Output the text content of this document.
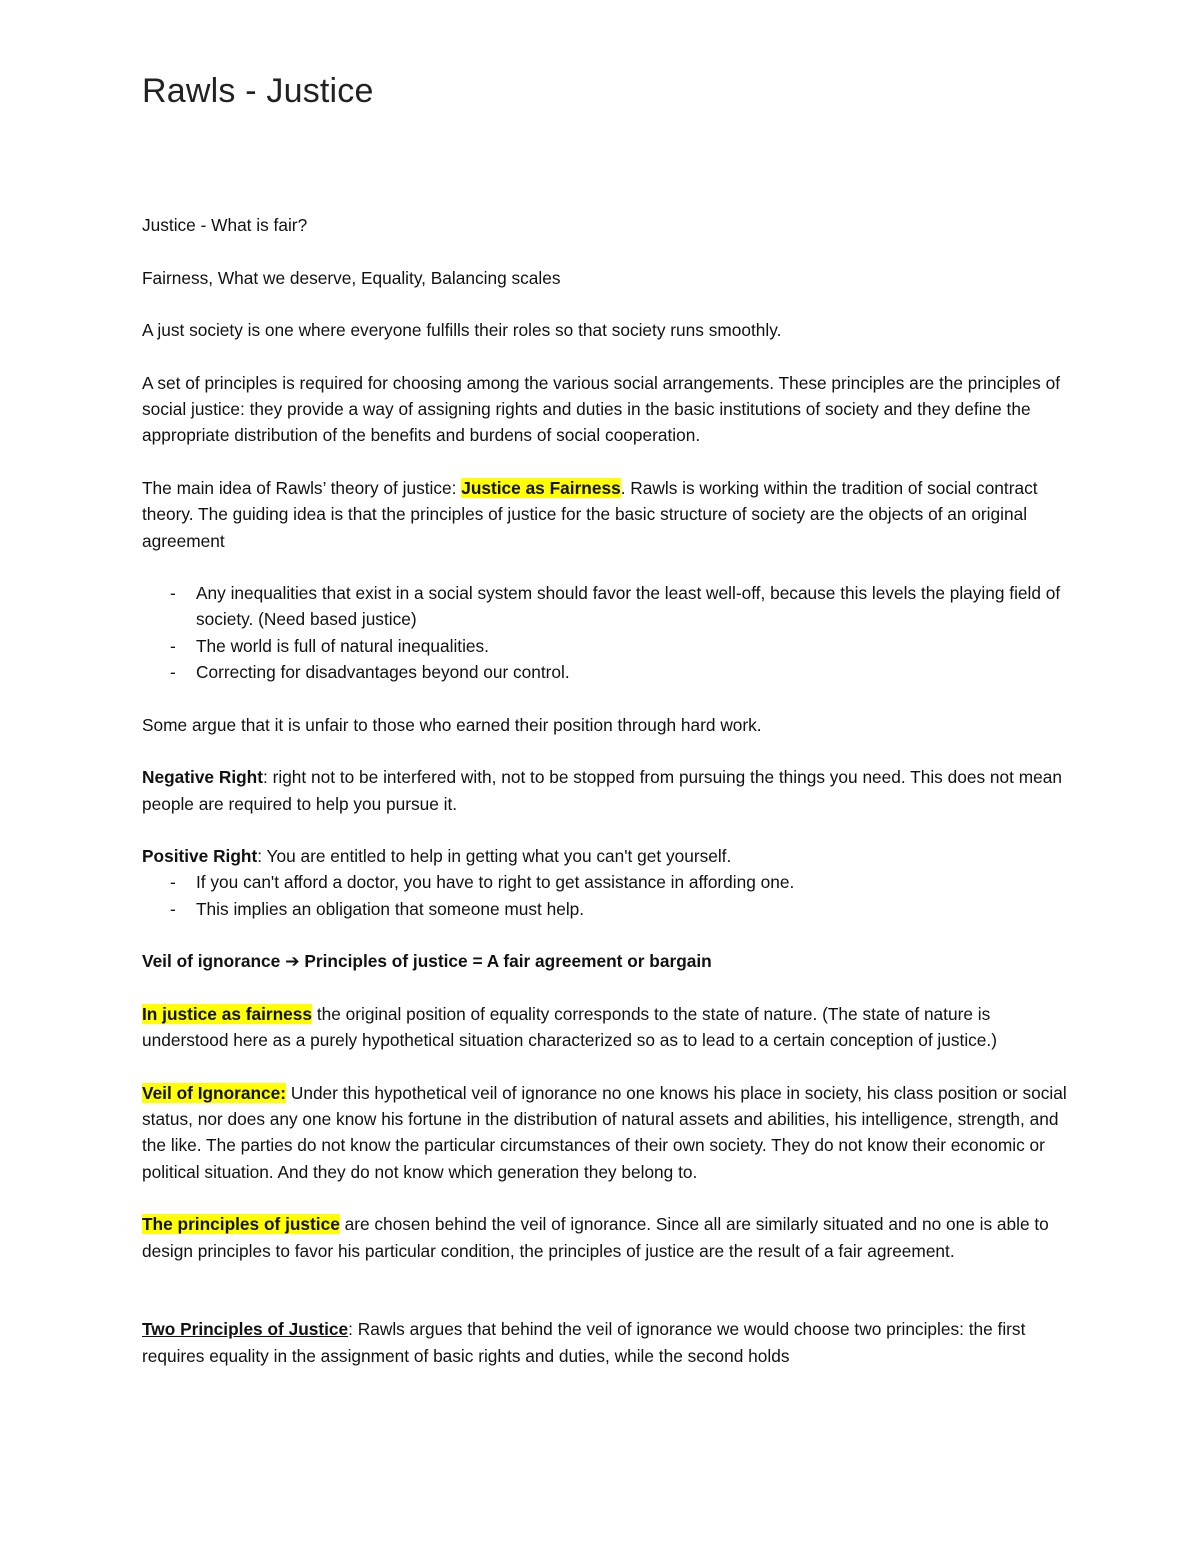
Rawls - Justice

Justice - What is fair?

Fairness, What we deserve, Equality, Balancing scales

A just society is one where everyone fulfills their roles so that society runs smoothly.

A set of principles is required for choosing among the various social arrangements. These principles are the principles of social justice: they provide a way of assigning rights and duties in the basic institutions of society and they define the appropriate distribution of the benefits and burdens of social cooperation.

The main idea of Rawls’ theory of justice: Justice as Fairness. Rawls is working within the tradition of social contract theory. The guiding idea is that the principles of justice for the basic structure of society are the objects of an original agreement

- Any inequalities that exist in a social system should favor the least well-off, because this levels the playing field of society. (Need based justice)
- The world is full of natural inequalities.
- Correcting for disadvantages beyond our control.

Some argue that it is unfair to those who earned their position through hard work.

Negative Right: right not to be interfered with, not to be stopped from pursuing the things you need. This does not mean people are required to help you pursue it.

Positive Right: You are entitled to help in getting what you can't get yourself.

- If you can't afford a doctor, you have to right to get assistance in affording one.
- This implies an obligation that someone must help.

Veil of ignorance ➔ Principles of justice = A fair agreement or bargain

In justice as fairness the original position of equality corresponds to the state of nature. (The state of nature is understood here as a purely hypothetical situation characterized so as to lead to a certain conception of justice.)

Veil of Ignorance: Under this hypothetical veil of ignorance no one knows his place in society, his class position or social status, nor does any one know his fortune in the distribution of natural assets and abilities, his intelligence, strength, and the like. The parties do not know the particular circumstances of their own society. They do not know their economic or political situation. And they do not know which generation they belong to.

The principles of justice are chosen behind the veil of ignorance. Since all are similarly situated and no one is able to design principles to favor his particular condition, the principles of justice are the result of a fair agreement.

Two Principles of Justice: Rawls argues that behind the veil of ignorance we would choose two principles: the first requires equality in the assignment of basic rights and duties, while the second holds
